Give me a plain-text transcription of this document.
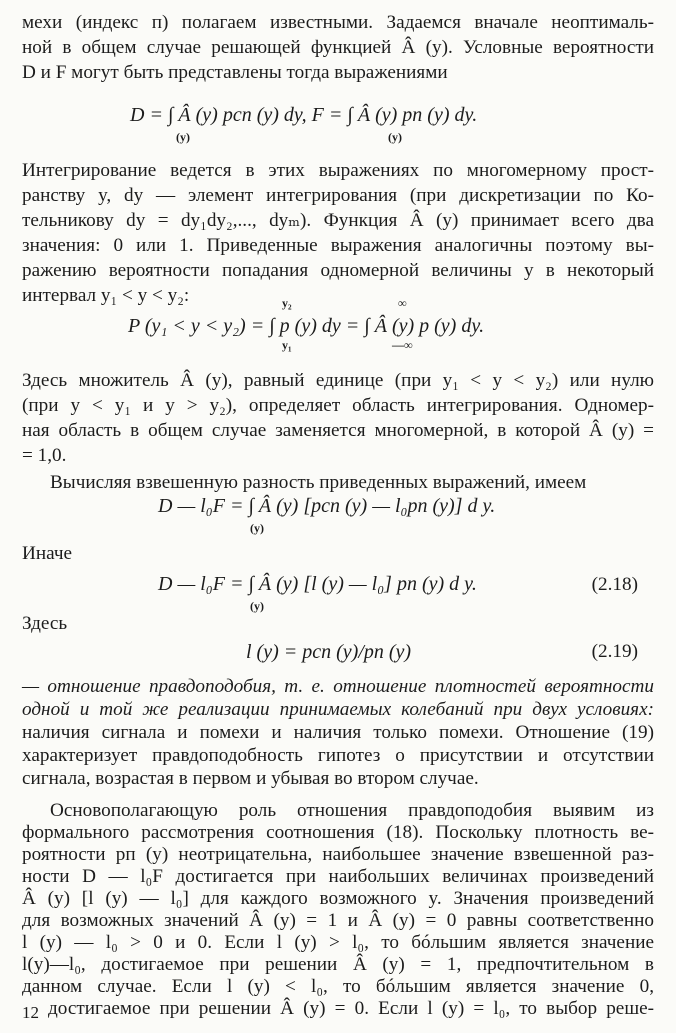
мехи (индекс п) полагаем известными. Задаемся вначале неоптималь-
ной в общем случае решающей функцией Â (y). Условные вероятности
D и F могут быть представлены тогда выражениями
D = ∫ Â (y) pсп (y) dy, F = ∫ Â (y) pп (y) dy.
(y)	(y)
Интегрирование ведется в этих выражениях по многомерному прост-
ранству y, dy — элемент интегрирования (при дискретизации по Ко-
тельникову dy = dy₁dy₂,..., dyₘ). Функция Â (y) принимает всего два
значения: 0 или 1. Приведенные выражения аналогичны поэтому вы-
ражению вероятности попадания одномерной величины y в некоторый
интервал y₁ < y < y₂:
P (y₁ < y < y₂) = ∫ p (y) dy = ∫ Â (y) p (y) dy.
y₂
y₁
∞
—∞
Здесь множитель Â (y), равный единице (при y₁ < y < y₂) или нулю
(при y < y₁ и y > y₂), определяет область интегрирования. Одномер-
ная область в общем случае заменяется многомерной, в которой Â (y) =
= 1,0.
Вычисляя взвешенную разность приведенных выражений, имеем
D — l₀F = ∫ Â (y) [pсп (y) — l₀pп (y)] d y.
(y)
Иначе
D — l₀F = ∫ Â (y) [l (y) — l₀] pп (y) d y.
(y)
(2.18)
Здесь
l (y) = pсп (y)/pп (y)	(2.19)
— отношение правдоподобия, т. е. отношение плотностей вероятности
одной и той же реализации принимаемых колебаний при двух условиях:
наличия сигнала и помехи и наличия только помехи. Отношение (19)
характеризует правдоподобность гипотез о присутствии и отсутствии
сигнала, возрастая в первом и убывая во втором случае.
Основополагающую роль отношения правдоподобия выявим из
формального рассмотрения соотношения (18). Поскольку плотность ве-
роятности pп (y) неотрицательна, наибольшее значение взвешенной раз-
ности D — l₀F достигается при наибольших величинах произведений
Â (y) [l (y) — l₀] для каждого возможного y. Значения произведений
для возможных значений Â (y) = 1 и Â (y) = 0 равны соответственно
l (y) — l₀ > 0 и 0. Если l (y) > l₀, то бóльшим является значение
l(y)—l₀, достигаемое при решении Â (y) = 1, предпочтительном в
данном случае. Если l (y) < l₀, то бóльшим является значение 0,
достигаемое при решении Â (y) = 0. Если l (y) = l₀, то выбор реше-
12
